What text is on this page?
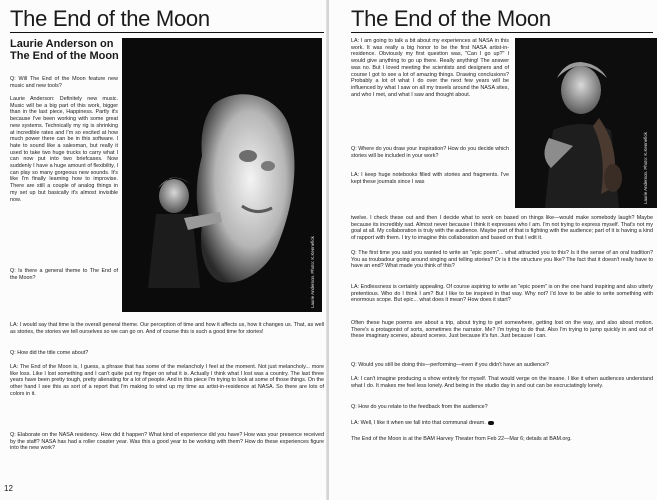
The End of the Moon
Laurie Anderson on The End of the Moon

Q: Will The End of the Moon feature new music and new tools?

Laurie Anderson: Definitely new music. Music will be a big part of this work, bigger than in the last piece, Happiness. Partly it's because I've been working with some great new systems. Technically my rig is shrinking at incredible rates and I'm so excited at how much power there can be in this software. I hate to sound like a salesman, but really it used to take two huge trucks to carry what I can now put into two briefcases. Now suddenly I have a huge amount of flexibility, I can play so many gorgeous new sounds. It's like I'm finally learning how to improvise. There are still a couple of analog things in my set up but basically it's almost invisible now.

Q: Is there a general theme to The End of the Moon?	Laurie Anderson. Photo: K.Kennefick

LA: I would say that time is the overall general theme. Our perception of time and how it affects us, how it changes us. That, as well as stories, the stories we tell ourselves so we can go on. And of course this is such a good time for stories!

Q: How did the title come about?

LA: The End of the Moon is, I guess, a phrase that has some of the melancholy I feel at the moment. Not just melancholy... more like loss. Like I lost something and I can't quite put my finger on what it is. Actually I think what I lost was a country. The last three years have been pretty tough, pretty alienating for a lot of people. And in this piece I'm trying to look at some of those things. On the other hand I see this as sort of a report that I'm making to wind up my time as artist-in-residence at NASA. So there are lots of colors in it.

Q: Elaborate on the NASA residency. How did it happen? What kind of experience did you have? How was your presence received by the staff? NASA has had a roller coaster year. Was this a good year to be working with them? How do these experiences figure into the new work?

12
The End of the Moon

LA: I am going to talk a bit about my experiences at NASA in this work. It was really a big honor to be the first NASA artist-in-residence. Obviously my first question was, "Can I go up?" I would give anything to go up there. Really anything! The answer was no. But I loved meeting the scientists and designers and of course I got to see a lot of amazing things. Drawing conclusions? Probably a lot of what I do over the next few years will be influenced by what I saw on all my travels around the NASA sites, and who I met, and what I saw and thought about.

Q: Where do you draw your inspiration? How do you decide which stories will be included in your work?

LA: I keep huge notebooks filled with stories and fragments. I've kept these journals since I was	Laurie Anderson. Photo: K.Kennefick

twelve. I check these out and then I decide what to work on based on things like—would make somebody laugh? Maybe because its incredibly sad. Almost never because I think it expresses who I am. I'm not trying to express myself. That's not my goal at all. My collaboration is truly with the audience. Maybe part of that is fighting with the audience; part of it is having a kind of rapport with them. I try to imagine this collaboration and based on that I edit it.

Q: The first time you said you wanted to write an "epic poem"... what attracted you to this? Is it the sense of an oral tradition? You as troubadour going around singing and telling stories? Or is it the structure you like? The fact that it doesn't really have to have an end? What made you think of this?

LA: Endlessness is certainly appealing. Of course aspiring to write an "epic poem" is on the one hand inspiring and also utterly pretentious. Who do I think I am? But I like to be inspired in that way. Why not? I'd love to be able to write something with enormous scope. But epic... what does it mean? How does it start?

Often these huge poems are about a trip, about trying to get somewhere, getting lost on the way, and also about motion. There's a protagonist of sorts, sometimes the narrator. Me? I'm trying to do that. Also I'm trying to jump quickly in and out of these imaginary scenes, absurd scenes. Just because it's fun. Just because I can.

Q: Would you still be doing this—performing—even if you didn't have an audience?

LA: I can't imagine producing a show entirely for myself. That would verge on the insane. I like it when audiences understand what I do. It makes me feel less lonely. And being in the studio day in and out can be excruciatingly lonely.

Q: How do you relate to the feedback from the audience?

LA: Well, I like it when we fall into that communal dream.

The End of the Moon is at the BAM Harvey Theater from Feb 22—Mar 6; details at BAM.org.
